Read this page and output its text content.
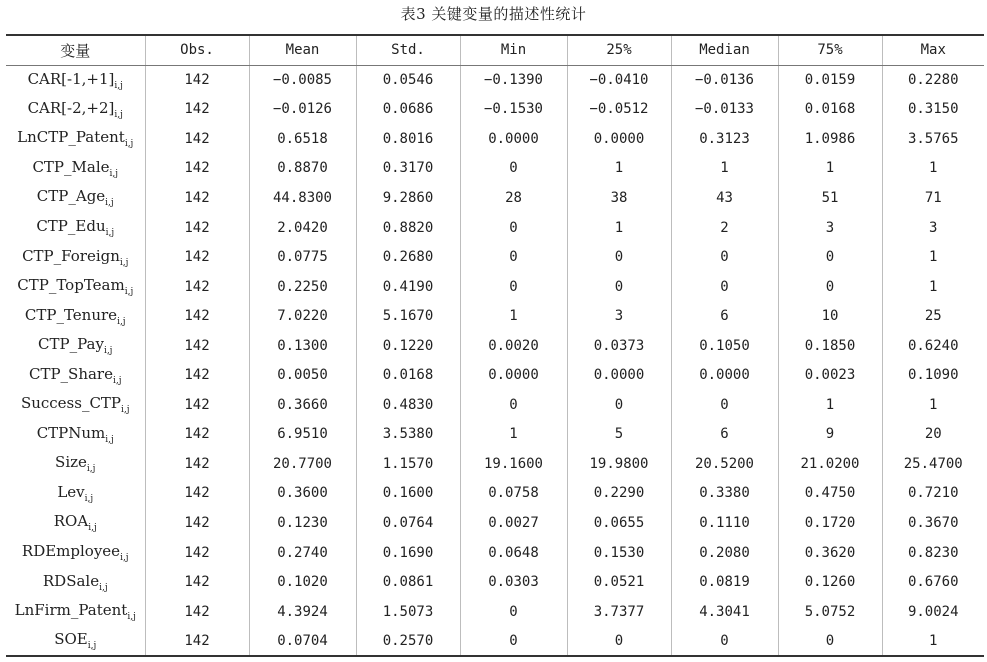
表3 关键变量的描述性统计
变量	Obs.	Mean	Std.	Min	25%	Median	75%	Max
$CAR[-1,+1]_{i,j}$	142	−0.0085	0.0546	−0.1390	−0.0410	−0.0136	0.0159	0.2280
$CAR[-2,+2]_{i,j}$	142	−0.0126	0.0686	−0.1530	−0.0512	−0.0133	0.0168	0.3150
LnCTP_Patent$_{i,j}$	142	0.6518	0.8016	0.0000	0.0000	0.3123	1.0986	3.5765
CTP_Male$_{i,j}$	142	0.8870	0.3170	0	1	1	1	1
CTP_Age$_{i,j}$	142	44.8300	9.2860	28	38	43	51	71
CTP_Edu$_{i,j}$	142	2.0420	0.8820	0	1	2	3	3
CTP_Foreign$_{i,j}$	142	0.0775	0.2680	0	0	0	0	1
CTP_TopTeam$_{i,j}$	142	0.2250	0.4190	0	0	0	0	1
CTP_Tenure$_{i,j}$	142	7.0220	5.1670	1	3	6	10	25
CTP_Pay$_{i,j}$	142	0.1300	0.1220	0.0020	0.0373	0.1050	0.1850	0.6240
CTP_Share$_{i,j}$	142	0.0050	0.0168	0.0000	0.0000	0.0000	0.0023	0.1090
$Success\_CTP_{i,j}$	142	0.3660	0.4830	0	0	0	1	1
CTPNum$_{i,j}$	142	6.9510	3.5380	1	5	6	9	20
Size$_{i,j}$	142	20.7700	1.1570	19.1600	19.9800	20.5200	21.0200	25.4700
Lev$_{i,j}$	142	0.3600	0.1600	0.0758	0.2290	0.3380	0.4750	0.7210
$ROA_{i,j}$	142	0.1230	0.0764	0.0027	0.0655	0.1110	0.1720	0.3670
RDEmployee$_{i,j}$	142	0.2740	0.1690	0.0648	0.1530	0.2080	0.3620	0.8230
RDSale$_{i,j}$	142	0.1020	0.0861	0.0303	0.0521	0.0819	0.1260	0.6760
LnFirm_Patent$_{i,j}$	142	4.3924	1.5073	0	3.7377	4.3041	5.0752	9.0024
$SOE_{i,j}$	142	0.0704	0.2570	0	0	0	0	1
